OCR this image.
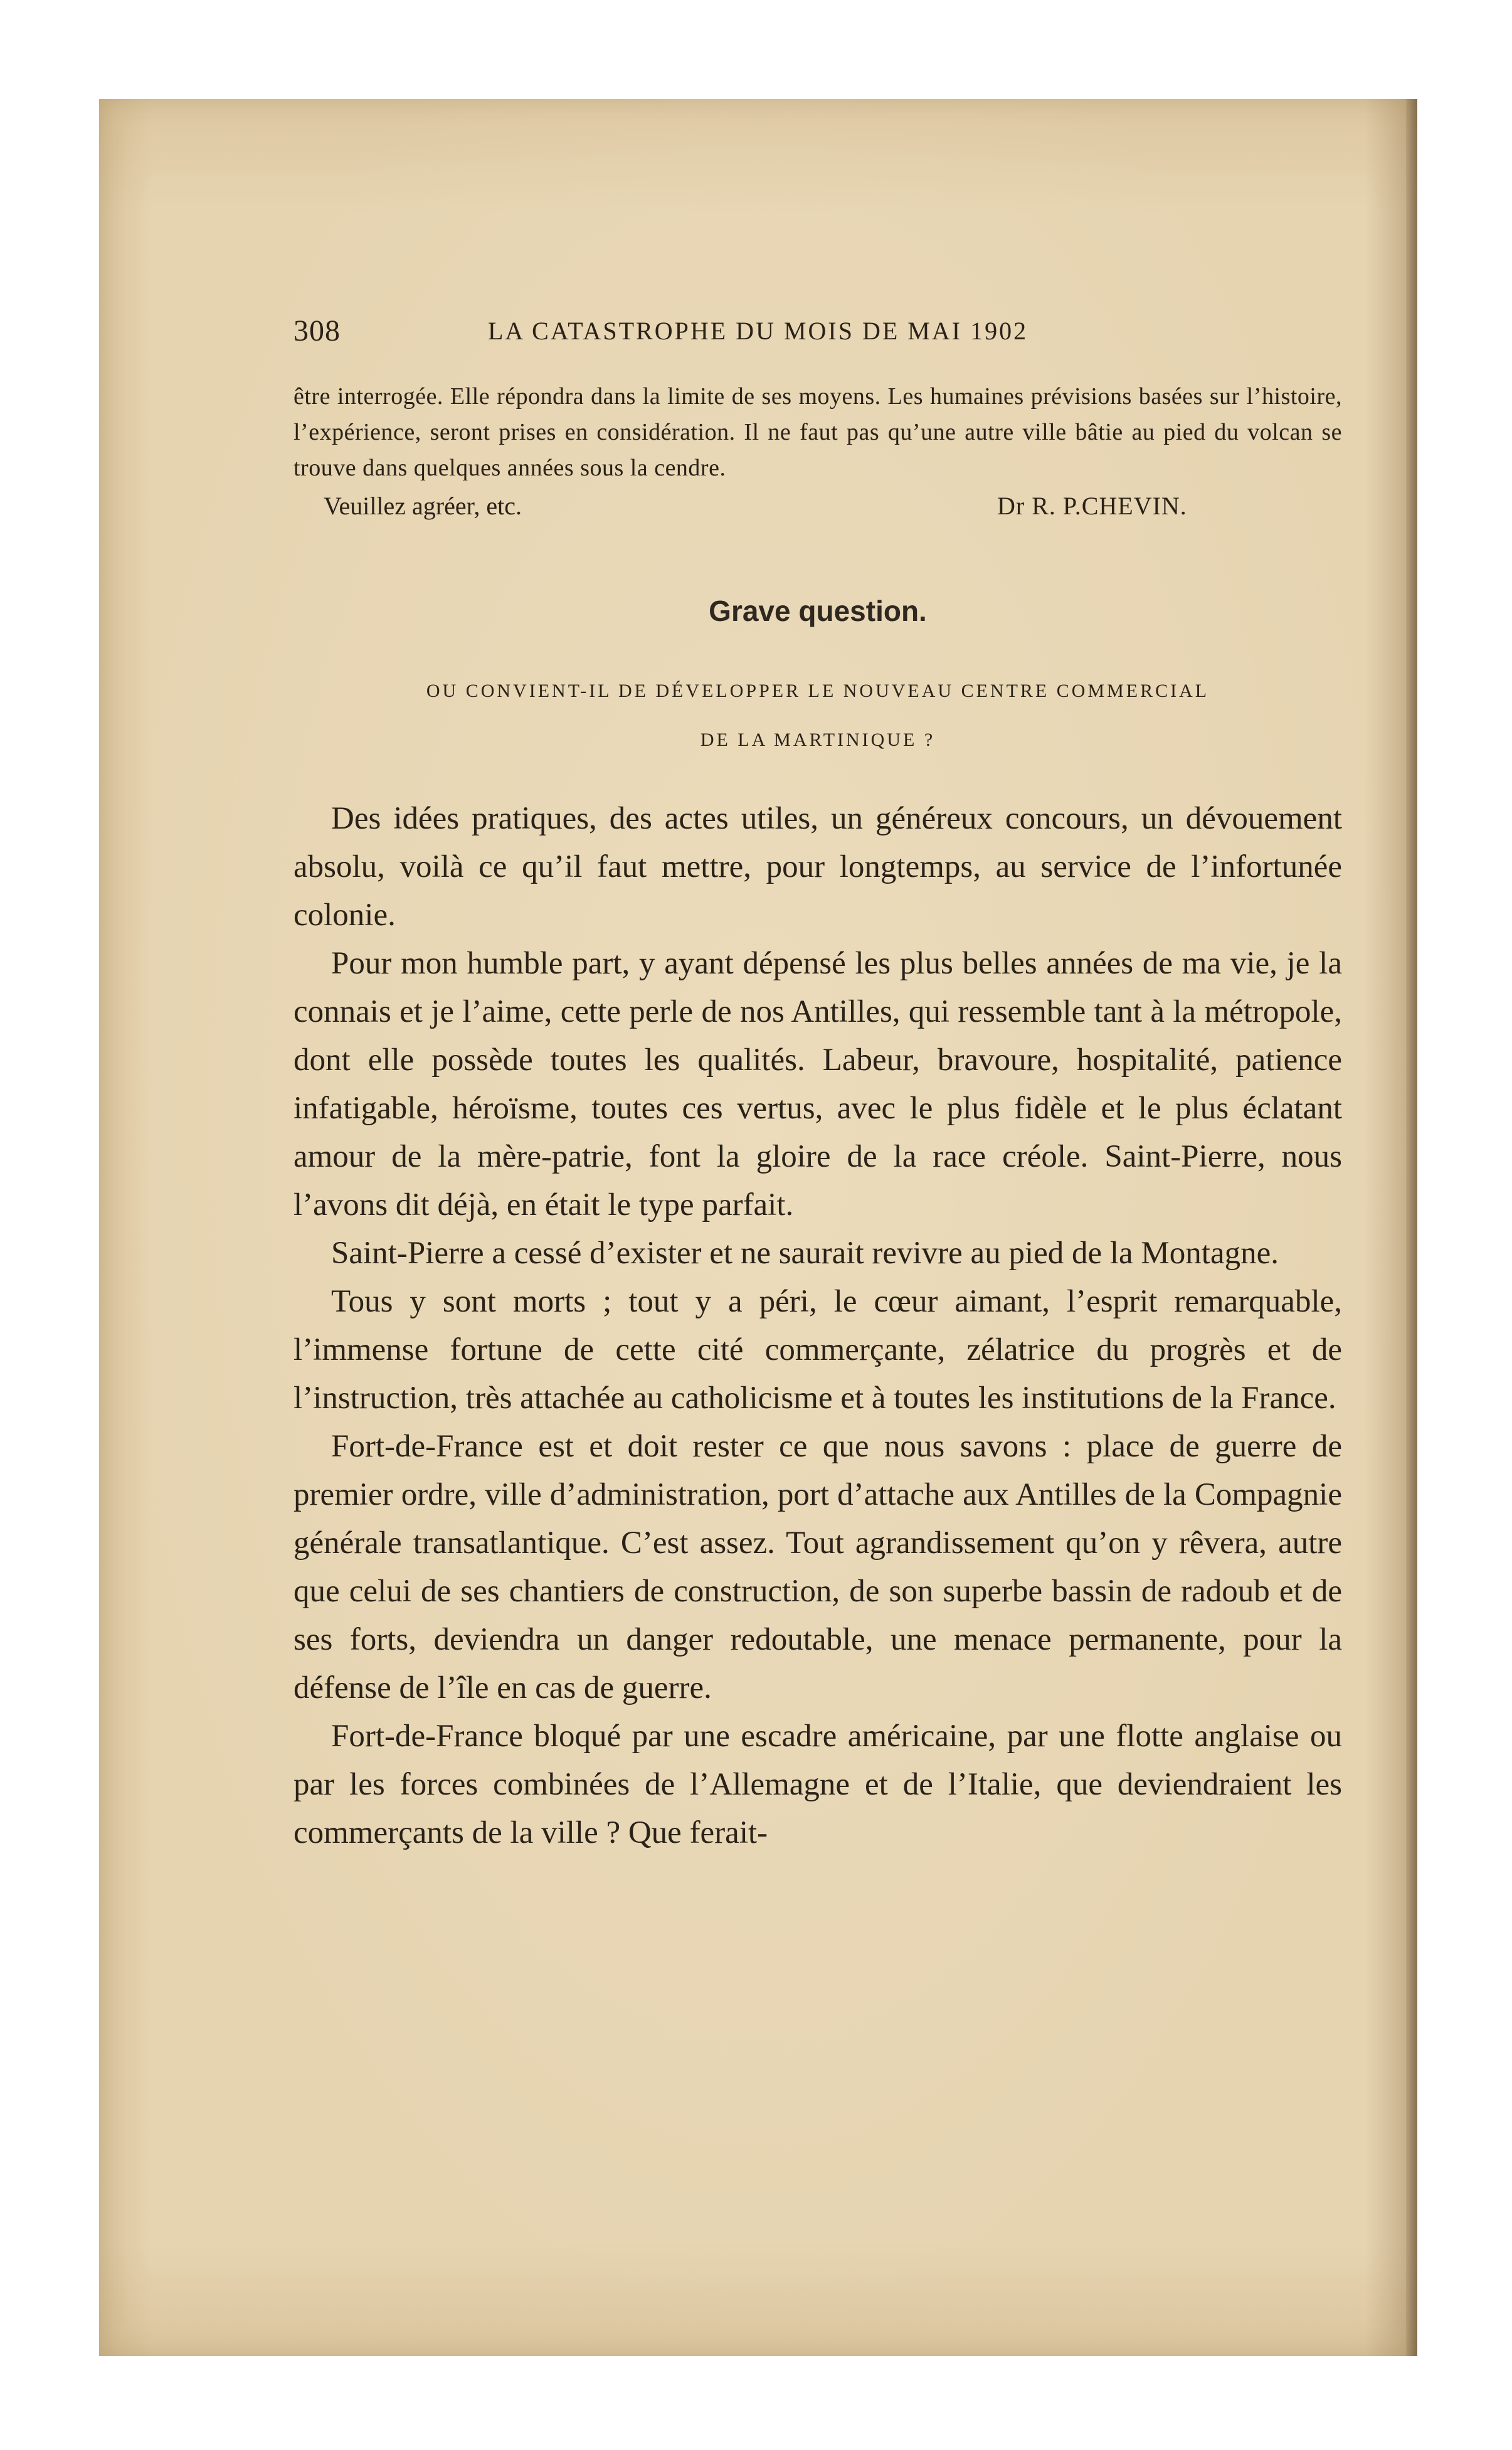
308	LA CATASTROPHE DU MOIS DE MAI 1902

être interrogée. Elle répondra dans la limite de ses moyens. Les humaines prévisions basées sur l’histoire, l’expérience, seront prises en considération. Il ne faut pas qu’une autre ville bâtie au pied du volcan se trouve dans quelques années sous la cendre.

Veuillez agréer, etc.	Dr R. P.CHEVIN.
Grave question.
OU CONVIENT-IL DE DÉVELOPPER LE NOUVEAU CENTRE COMMERCIAL
DE LA MARTINIQUE ?

Des idées pratiques, des actes utiles, un généreux concours, un dévouement absolu, voilà ce qu’il faut mettre, pour longtemps, au service de l’infortunée colonie.

Pour mon humble part, y ayant dépensé les plus belles années de ma vie, je la connais et je l’aime, cette perle de nos Antilles, qui ressemble tant à la métropole, dont elle possède toutes les qualités. Labeur, bravoure, hospitalité, patience infatigable, héroïsme, toutes ces vertus, avec le plus fidèle et le plus éclatant amour de la mère-patrie, font la gloire de la race créole. Saint-Pierre, nous l’avons dit déjà, en était le type parfait.

Saint-Pierre a cessé d’exister et ne saurait revivre au pied de la Montagne.

Tous y sont morts ; tout y a péri, le cœur aimant, l’esprit remarquable, l’immense fortune de cette cité commerçante, zélatrice du progrès et de l’instruction, très attachée au catholicisme et à toutes les institutions de la France.

Fort-de-France est et doit rester ce que nous savons : place de guerre de premier ordre, ville d’administration, port d’attache aux Antilles de la Compagnie générale transatlantique. C’est assez. Tout agrandissement qu’on y rêvera, autre que celui de ses chantiers de construction, de son superbe bassin de radoub et de ses forts, deviendra un danger redoutable, une menace permanente, pour la défense de l’île en cas de guerre.

Fort-de-France bloqué par une escadre américaine, par une flotte anglaise ou par les forces combinées de l’Allemagne et de l’Italie, que deviendraient les commerçants de la ville ? Que ferait-
